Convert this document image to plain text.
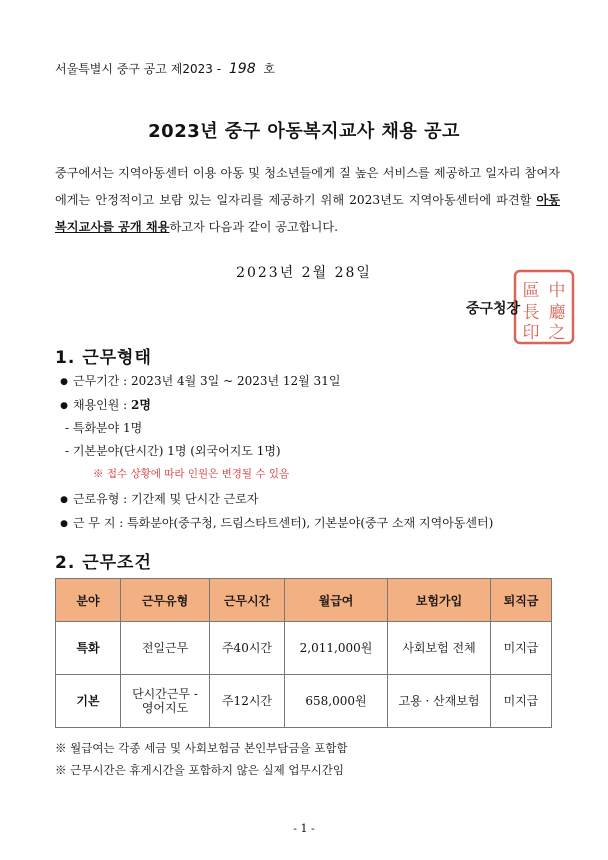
서울특별시 중구 공고 제2023 - 198 호
2023년 중구 아동복지교사 채용 공고
중구에서는 지역아동센터 이용 아동 및 청소년들에게 질 높은 서비스를 제공하고 일자리 참여자에게는 안정적이고 보람 있는 일자리를 제공하기 위해 2023년도 지역아동센터에 파견할 아동복지교사를 공개 채용하고자 다음과 같이 공고합니다.
2023년 2월 28일
區 中
長 廳
印 之
중구청장
1. 근무형태
● 근무기간 : 2023년 4월 3일 ~ 2023년 12월 31일
● 채용인원 : 2명
- 특화분야 1명
- 기본분야(단시간) 1명 (외국어지도 1명)
※ 접수 상황에 따라 인원은 변경될 수 있음
● 근로유형 : 기간제 및 단시간 근로자
● 근 무 지 : 특화분야(중구청, 드림스타트센터), 기본분야(중구 소재 지역아동센터)
2. 근무조건
분야	근무유형	근무시간	월급여	보험가입	퇴직금
특화	전일근무	주40시간	2,011,000원	사회보험 전체	미지급
기본	단시간근무 -영어지도	주12시간	658,000원	고용 · 산재보험	미지급
※ 월급여는 각종 세금 및 사회보험금 본인부담금을 포함함
※ 근무시간은 휴게시간을 포함하지 않은 실제 업무시간임
- 1 -
